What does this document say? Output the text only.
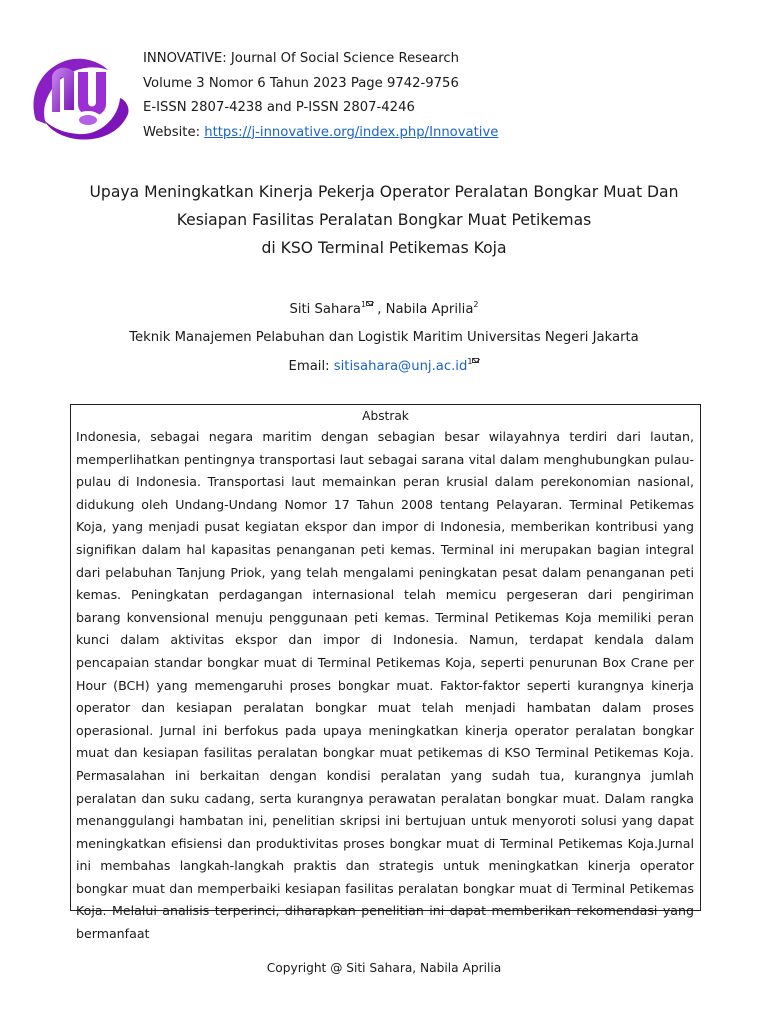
INNOVATIVE: Journal Of Social Science Research
Volume 3 Nomor 6 Tahun 2023 Page 9742-9756
E-ISSN 2807-4238 and P-ISSN 2807-4246
Website: https://j-innovative.org/index.php/Innovative
Upaya Meningkatkan Kinerja Pekerja Operator Peralatan Bongkar Muat Dan
Kesiapan Fasilitas Peralatan Bongkar Muat Petikemas
di KSO Terminal Petikemas Koja
Siti Sahara$^1$ , Nabila Aprilia$^2$
Teknik Manajemen Pelabuhan dan Logistik Maritim Universitas Negeri Jakarta
Email: $sitisahara@unj.ac.id^1$
Abstrak
Indonesia, sebagai negara maritim dengan sebagian besar wilayahnya terdiri dari lautan, memperlihatkan pentingnya transportasi laut sebagai sarana vital dalam menghubungkan pulau-pulau di Indonesia. Transportasi laut memainkan peran krusial dalam perekonomian nasional, didukung oleh Undang-Undang Nomor 17 Tahun 2008 tentang Pelayaran. Terminal Petikemas Koja, yang menjadi pusat kegiatan ekspor dan impor di Indonesia, memberikan kontribusi yang signifikan dalam hal kapasitas penanganan peti kemas. Terminal ini merupakan bagian integral dari pelabuhan Tanjung Priok, yang telah mengalami peningkatan pesat dalam penanganan peti kemas. Peningkatan perdagangan internasional telah memicu pergeseran dari pengiriman barang konvensional menuju penggunaan peti kemas. Terminal Petikemas Koja memiliki peran kunci dalam aktivitas ekspor dan impor di Indonesia. Namun, terdapat kendala dalam pencapaian standar bongkar muat di Terminal Petikemas Koja, seperti penurunan Box Crane per Hour (BCH) yang memengaruhi proses bongkar muat. Faktor-faktor seperti kurangnya kinerja operator dan kesiapan peralatan bongkar muat telah menjadi hambatan dalam proses operasional. Jurnal ini berfokus pada upaya meningkatkan kinerja operator peralatan bongkar muat dan kesiapan fasilitas peralatan bongkar muat petikemas di KSO Terminal Petikemas Koja. Permasalahan ini berkaitan dengan kondisi peralatan yang sudah tua, kurangnya jumlah peralatan dan suku cadang, serta kurangnya perawatan peralatan bongkar muat. Dalam rangka menanggulangi hambatan ini, penelitian skripsi ini bertujuan untuk menyoroti solusi yang dapat meningkatkan efisiensi dan produktivitas proses bongkar muat di Terminal Petikemas Koja.Jurnal ini membahas langkah-langkah praktis dan strategis untuk meningkatkan kinerja operator bongkar muat dan memperbaiki kesiapan fasilitas peralatan bongkar muat di Terminal Petikemas Koja. Melalui analisis terperinci, diharapkan penelitian ini dapat memberikan rekomendasi yang bermanfaat
Copyright @ Siti Sahara, Nabila Aprilia
